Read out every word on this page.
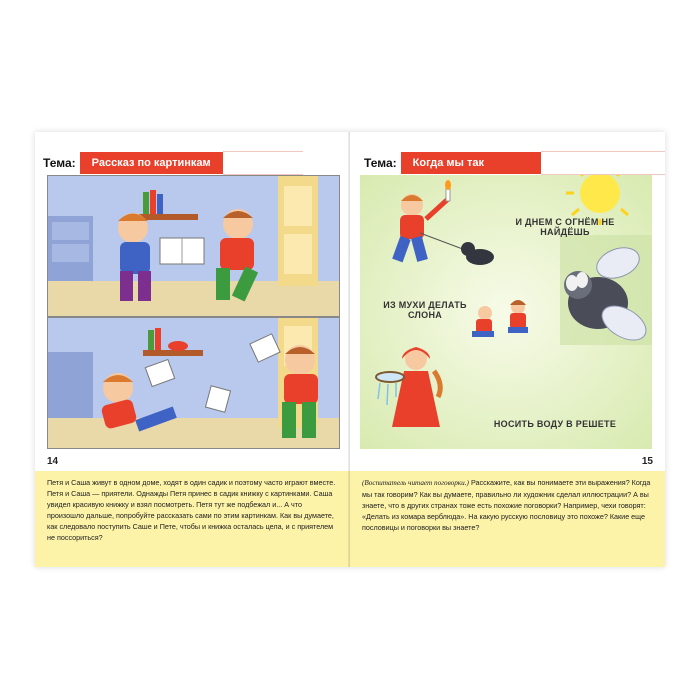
Тема:	Рассказ по картинкам
14

Петя и Саша живут в одном доме, ходят в один садик и поэтому часто играют вместе. Петя и Саша — приятели. Однажды Петя принес в садик книжку с картинками. Саша увидел красивую книжку и взял посмотреть. Петя тут же подбежал и... А что произошло дальше, попробуйте рассказать сами по этим картинкам. Как вы думаете, как следовало поступить Саше и Пете, чтобы и книжка осталась цела, и с приятелем не поссориться?

Тема:	Когда мы так
И ДНЕМ С ОГНЁМ НЕ НАЙДЁШЬ
ИЗ МУХИ ДЕЛАТЬ СЛОНА
НОСИТЬ ВОДУ В РЕШЕТЕ
15

(Воспитатель читает поговорки.) Расскажите, как вы понимаете эти выражения? Когда мы так говорим? Как вы думаете, правильно ли художник сделал иллюстрации? А вы знаете, что в других странах тоже есть похожие поговорки? Например, чехи говорят: «Делать из комара верблюда». На какую русскую пословицу это похоже? Какие еще пословицы и поговорки вы знаете?
